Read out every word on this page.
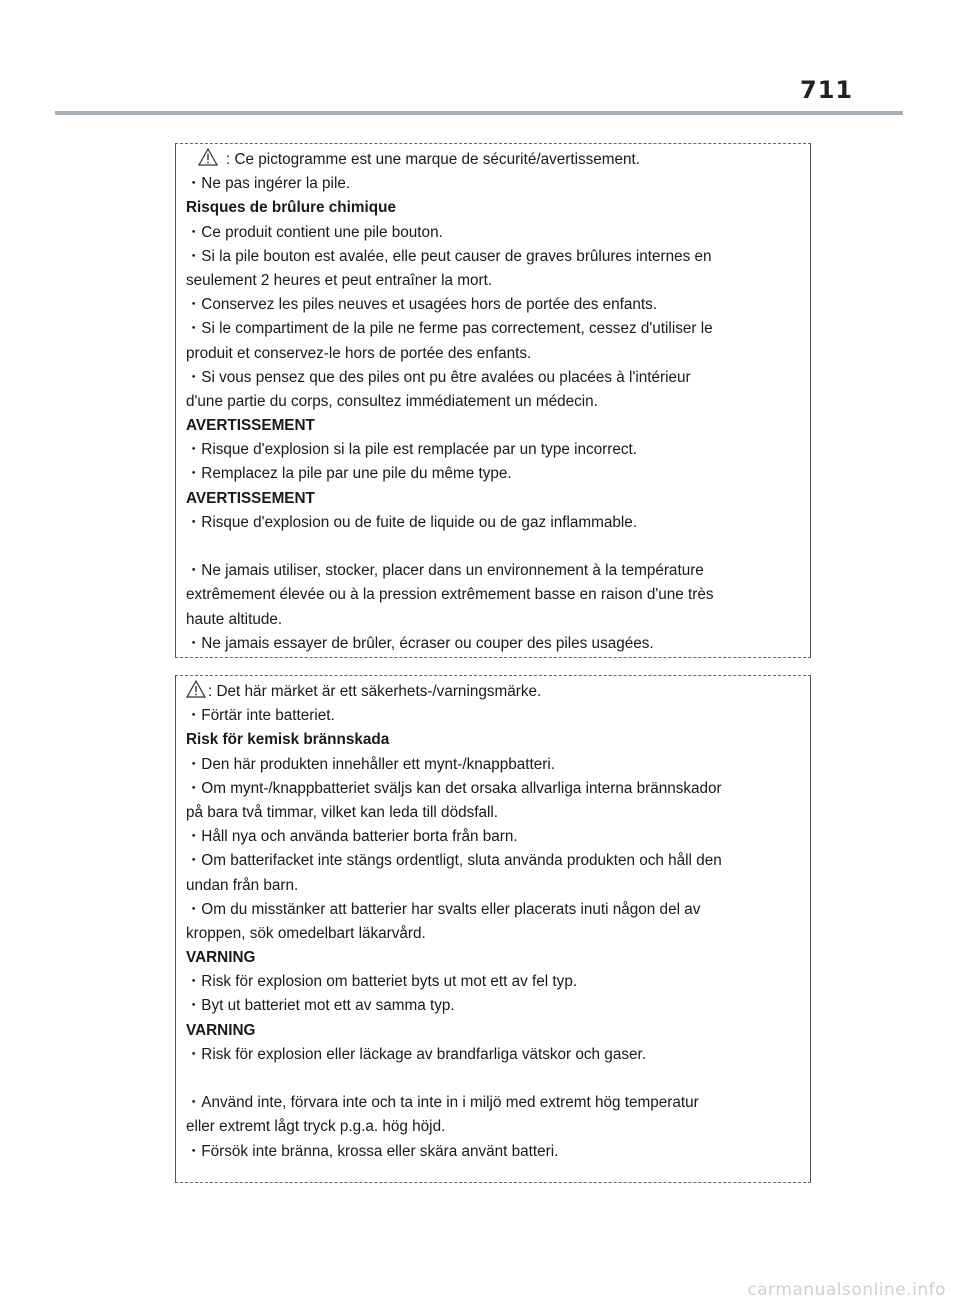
711
: Ce pictogramme est une marque de sécurité/avertissement.
・Ne pas ingérer la pile.
Risques de brûlure chimique
・Ce produit contient une pile bouton.
・Si la pile bouton est avalée, elle peut causer de graves brûlures internes en
seulement 2 heures et peut entraîner la mort.
・Conservez les piles neuves et usagées hors de portée des enfants.
・Si le compartiment de la pile ne ferme pas correctement, cessez d'utiliser le
produit et conservez-le hors de portée des enfants.
・Si vous pensez que des piles ont pu être avalées ou placées à l'intérieur
d'une partie du corps, consultez immédiatement un médecin.
AVERTISSEMENT
・Risque d'explosion si la pile est remplacée par un type incorrect.
・Remplacez la pile par une pile du même type.
AVERTISSEMENT
・Risque d'explosion ou de fuite de liquide ou de gaz inflammable.
・Ne jamais utiliser, stocker, placer dans un environnement à la température
extrêmement élevée ou à la pression extrêmement basse en raison d'une très
haute altitude.
・Ne jamais essayer de brûler, écraser ou couper des piles usagées.
: Det här märket är ett säkerhets-/varningsmärke.
・Förtär inte batteriet.
Risk för kemisk brännskada
・Den här produkten innehåller ett mynt-/knappbatteri.
・Om mynt-/knappbatteriet sväljs kan det orsaka allvarliga interna brännskador
på bara två timmar, vilket kan leda till dödsfall.
・Håll nya och använda batterier borta från barn.
・Om batterifacket inte stängs ordentligt, sluta använda produkten och håll den
undan från barn.
・Om du misstänker att batterier har svalts eller placerats inuti någon del av
kroppen, sök omedelbart läkarvård.
VARNING
・Risk för explosion om batteriet byts ut mot ett av fel typ.
・Byt ut batteriet mot ett av samma typ.
VARNING
・Risk för explosion eller läckage av brandfarliga vätskor och gaser.
・Använd inte, förvara inte och ta inte in i miljö med extremt hög temperatur
eller extremt lågt tryck p.g.a. hög höjd.
・Försök inte bränna, krossa eller skära använt batteri.
carmanualsonline.info
